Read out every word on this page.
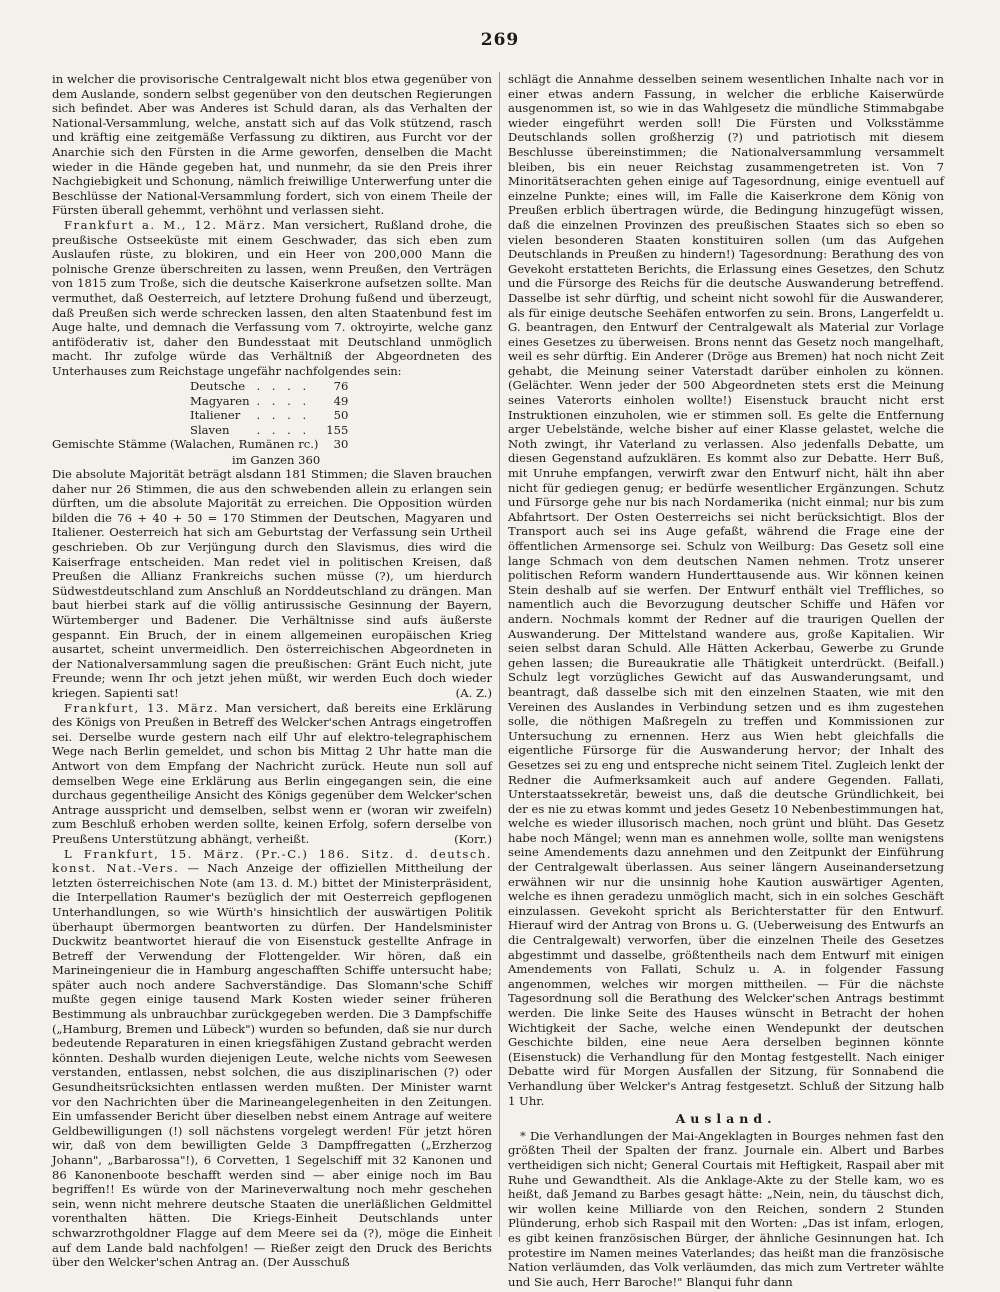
269

in welcher die provisorische Centralgewalt nicht blos etwa gegenüber von dem Auslande, sondern selbst gegenüber von den deutschen Regierungen sich befindet. Aber was Anderes ist Schuld daran, als das Verhalten der National-Versammlung, welche, anstatt sich auf das Volk stützend, rasch und kräftig eine zeitgemäße Verfassung zu diktiren, aus Furcht vor der Anarchie sich den Fürsten in die Arme geworfen, denselben die Macht wieder in die Hände gegeben hat, und nunmehr, da sie den Preis ihrer Nachgiebigkeit und Schonung, nämlich freiwillige Unterwerfung unter die Beschlüsse der National-Versammlung fordert, sich von einem Theile der Fürsten überall gehemmt, verhöhnt und verlassen sieht.

Frankfurt a. M., 12. März. Man versichert, Rußland drohe, die preußische Ostseeküste mit einem Geschwader, das sich eben zum Auslaufen rüste, zu blokiren, und ein Heer von 200,000 Mann die polnische Grenze überschreiten zu lassen, wenn Preußen, den Verträgen von 1815 zum Troße, sich die deutsche Kaiserkrone aufsetzen sollte. Man vermuthet, daß Oesterreich, auf letztere Drohung fußend und überzeugt, daß Preußen sich werde schrecken lassen, den alten Staatenbund fest im Auge halte, und demnach die Verfassung vom 7. oktroyirte, welche ganz antiföderativ ist, daher den Bundesstaat mit Deutschland unmöglich macht. Ihr zufolge würde das Verhältniß der Abgeordneten des Unterhauses zum Reichstage ungefähr nachfolgendes sein:

Deutsche	. . . .	76
Magyaren	. . . .	49
Italiener	. . . .	50
Slaven	. . . .	155
Gemischte Stämme (Walachen, Rumänen rc.)		30
im Ganzen 360

Die absolute Majorität beträgt alsdann 181 Stimmen; die Slaven brauchen daher nur 26 Stimmen, die aus den schwebenden allein zu erlangen sein dürften, um die absolute Majorität zu erreichen. Die Opposition würden bilden die 76 + 40 + 50 = 170 Stimmen der Deutschen, Magyaren und Italiener. Oesterreich hat sich am Geburtstag der Verfassung sein Urtheil geschrieben. Ob zur Verjüngung durch den Slavismus, dies wird die Kaiserfrage entscheiden. Man redet viel in politischen Kreisen, daß Preußen die Allianz Frankreichs suchen müsse (?), um hierdurch Südwestdeutschland zum Anschluß an Norddeutschland zu drängen. Man baut hierbei stark auf die völlig antirussische Gesinnung der Bayern, Würtemberger und Badener. Die Verhältnisse sind aufs äußerste gespannt. Ein Bruch, der in einem allgemeinen europäischen Krieg ausartet, scheint unvermeidlich. Den österreichischen Abgeordneten in der Nationalversammlung sagen die preußischen: Gränt Euch nicht, jute Freunde; wenn Ihr och jetzt jehen müßt, wir werden Euch doch wieder kriegen. Sapienti sat!	(A. Z.)

Frankfurt, 13. März. Man versichert, daß bereits eine Erklärung des Königs von Preußen in Betreff des Welcker'schen Antrags eingetroffen sei. Derselbe wurde gestern nach eilf Uhr auf elektro-telegraphischem Wege nach Berlin gemeldet, und schon bis Mittag 2 Uhr hatte man die Antwort von dem Empfang der Nachricht zurück. Heute nun soll auf demselben Wege eine Erklärung aus Berlin eingegangen sein, die eine durchaus gegentheilige Ansicht des Königs gegenüber dem Welcker'schen Antrage ausspricht und demselben, selbst wenn er (woran wir zweifeln) zum Beschluß erhoben werden sollte, keinen Erfolg, sofern derselbe von Preußens Unterstützung abhängt, verheißt.	(Korr.)

L Frankfurt, 15. März. (Pr.-C.) 186. Sitz. d. deutsch. konst. Nat.-Vers. — Nach Anzeige der offiziellen Mittheilung der letzten österreichischen Note (am 13. d. M.) bittet der Ministerpräsident, die Interpellation Raumer's bezüglich der mit Oesterreich gepflogenen Unterhandlungen, so wie Würth's hinsichtlich der auswärtigen Politik überhaupt übermorgen beantworten zu dürfen. Der Handelsminister Duckwitz beantwortet hierauf die von Eisenstuck gestellte Anfrage in Betreff der Verwendung der Flottengelder. Wir hören, daß ein Marineingenieur die in Hamburg angeschafften Schiffe untersucht habe; später auch noch andere Sachverständige. Das Slomann'sche Schiff mußte gegen einige tausend Mark Kosten wieder seiner früheren Bestimmung als unbrauchbar zurückgegeben werden. Die 3 Dampfschiffe („Hamburg, Bremen und Lübeck") wurden so befunden, daß sie nur durch bedeutende Reparaturen in einen kriegsfähigen Zustand gebracht werden könnten. Deshalb wurden diejenigen Leute, welche nichts vom Seewesen verstanden, entlassen, nebst solchen, die aus disziplinarischen (?) oder Gesundheitsrücksichten entlassen werden mußten. Der Minister warnt vor den Nachrichten über die Marineangelegenheiten in den Zeitungen. Ein umfassender Bericht über dieselben nebst einem Antrage auf weitere Geldbewilligungen (!) soll nächstens vorgelegt werden! Für jetzt hören wir, daß von dem bewilligten Gelde 3 Dampffregatten („Erzherzog Johann", „Barbarossa"!), 6 Corvetten, 1 Segelschiff mit 32 Kanonen und 86 Kanonenboote beschafft werden sind — aber einige noch im Bau begriffen!! Es würde von der Marineverwaltung noch mehr geschehen sein, wenn nicht mehrere deutsche Staaten die unerläßlichen Geldmittel vorenthalten hätten. Die Kriegs-Einheit Deutschlands unter schwarzrothgoldner Flagge auf dem Meere sei da (?), möge die Einheit auf dem Lande bald nachfolgen! — Rießer zeigt den Druck des Berichts über den Welcker'schen Antrag an. (Der Ausschuß

schlägt die Annahme desselben seinem wesentlichen Inhalte nach vor in einer etwas andern Fassung, in welcher die erbliche Kaiserwürde ausgenommen ist, so wie in das Wahlgesetz die mündliche Stimmabgabe wieder eingeführt werden soll! Die Fürsten und Volksstämme Deutschlands sollen großherzig (?) und patriotisch mit diesem Beschlusse übereinstimmen; die Nationalversammlung versammelt bleiben, bis ein neuer Reichstag zusammengetreten ist. Von 7 Minoritätserachten gehen einige auf Tagesordnung, einige eventuell auf einzelne Punkte; eines will, im Falle die Kaiserkrone dem König von Preußen erblich übertragen würde, die Bedingung hinzugefügt wissen, daß die einzelnen Provinzen des preußischen Staates sich so eben so vielen besonderen Staaten konstituiren sollen (um das Aufgehen Deutschlands in Preußen zu hindern!) Tagesordnung: Berathung des von Gevekoht erstatteten Berichts, die Erlassung eines Gesetzes, den Schutz und die Fürsorge des Reichs für die deutsche Auswanderung betreffend. Dasselbe ist sehr dürftig, und scheint nicht sowohl für die Auswanderer, als für einige deutsche Seehäfen entworfen zu sein. Brons, Langerfeldt u. G. beantragen, den Entwurf der Centralgewalt als Material zur Vorlage eines Gesetzes zu überweisen. Brons nennt das Gesetz noch mangelhaft, weil es sehr dürftig. Ein Anderer (Dröge aus Bremen) hat noch nicht Zeit gehabt, die Meinung seiner Vaterstadt darüber einholen zu können. (Gelächter. Wenn jeder der 500 Abgeordneten stets erst die Meinung seines Vaterorts einholen wollte!) Eisenstuck braucht nicht erst Instruktionen einzuholen, wie er stimmen soll. Es gelte die Entfernung arger Uebelstände, welche bisher auf einer Klasse gelastet, welche die Noth zwingt, ihr Vaterland zu verlassen. Also jedenfalls Debatte, um diesen Gegenstand aufzuklären. Es kommt also zur Debatte. Herr Buß, mit Unruhe empfangen, verwirft zwar den Entwurf nicht, hält ihn aber nicht für gediegen genug; er bedürfe wesentlicher Ergänzungen. Schutz und Fürsorge gehe nur bis nach Nordamerika (nicht einmal; nur bis zum Abfahrtsort. Der Osten Oesterreichs sei nicht berücksichtigt. Blos der Transport auch sei ins Auge gefaßt, während die Frage eine der öffentlichen Armensorge sei. Schulz von Weilburg: Das Gesetz soll eine lange Schmach von dem deutschen Namen nehmen. Trotz unserer politischen Reform wandern Hunderttausende aus. Wir können keinen Stein deshalb auf sie werfen. Der Entwurf enthält viel Treffliches, so namentlich auch die Bevorzugung deutscher Schiffe und Häfen vor andern. Nochmals kommt der Redner auf die traurigen Quellen der Auswanderung. Der Mittelstand wandere aus, große Kapitalien. Wir seien selbst daran Schuld. Alle Hätten Ackerbau, Gewerbe zu Grunde gehen lassen; die Bureaukratie alle Thätigkeit unterdrückt. (Beifall.) Schulz legt vorzügliches Gewicht auf das Auswanderungsamt, und beantragt, daß dasselbe sich mit den einzelnen Staaten, wie mit den Vereinen des Auslandes in Verbindung setzen und es ihm zugestehen solle, die nöthigen Maßregeln zu treffen und Kommissionen zur Untersuchung zu ernennen. Herz aus Wien hebt gleichfalls die eigentliche Fürsorge für die Auswanderung hervor; der Inhalt des Gesetzes sei zu eng und entspreche nicht seinem Titel. Zugleich lenkt der Redner die Aufmerksamkeit auch auf andere Gegenden. Fallati, Unterstaatssekretär, beweist uns, daß die deutsche Gründlichkeit, bei der es nie zu etwas kommt und jedes Gesetz 10 Nebenbestimmungen hat, welche es wieder illusorisch machen, noch grünt und blüht. Das Gesetz habe noch Mängel; wenn man es annehmen wolle, sollte man wenigstens seine Amendements dazu annehmen und den Zeitpunkt der Einführung der Centralgewalt überlassen. Aus seiner längern Auseinandersetzung erwähnen wir nur die unsinnig hohe Kaution auswärtiger Agenten, welche es ihnen geradezu unmöglich macht, sich in ein solches Geschäft einzulassen. Gevekoht spricht als Berichterstatter für den Entwurf. Hierauf wird der Antrag von Brons u. G. (Ueberweisung des Entwurfs an die Centralgewalt) verworfen, über die einzelnen Theile des Gesetzes abgestimmt und dasselbe, größtentheils nach dem Entwurf mit einigen Amendements von Fallati, Schulz u. A. in folgender Fassung angenommen, welches wir morgen mittheilen. — Für die nächste Tagesordnung soll die Berathung des Welcker'schen Antrags bestimmt werden. Die linke Seite des Hauses wünscht in Betracht der hohen Wichtigkeit der Sache, welche einen Wendepunkt der deutschen Geschichte bilden, eine neue Aera derselben beginnen könnte (Eisenstuck) die Verhandlung für den Montag festgestellt. Nach einiger Debatte wird für Morgen Ausfallen der Sitzung, für Sonnabend die Verhandlung über Welcker's Antrag festgesetzt. Schluß der Sitzung halb 1 Uhr.

Ausland.

* Die Verhandlungen der Mai-Angeklagten in Bourges nehmen fast den größten Theil der Spalten der franz. Journale ein. Albert und Barbes vertheidigen sich nicht; General Courtais mit Heftigkeit, Raspail aber mit Ruhe und Gewandtheit. Als die Anklage-Akte zu der Stelle kam, wo es heißt, daß Jemand zu Barbes gesagt hätte: „Nein, nein, du täuschst dich, wir wollen keine Milliarde von den Reichen, sondern 2 Stunden Plünderung, erhob sich Raspail mit den Worten: „Das ist infam, erlogen, es gibt keinen französischen Bürger, der ähnliche Gesinnungen hat. Ich protestire im Namen meines Vaterlandes; das heißt man die französische Nation verläumden, das Volk verläumden, das mich zum Vertreter wählte und Sie auch, Herr Baroche!" Blanqui fuhr dann
